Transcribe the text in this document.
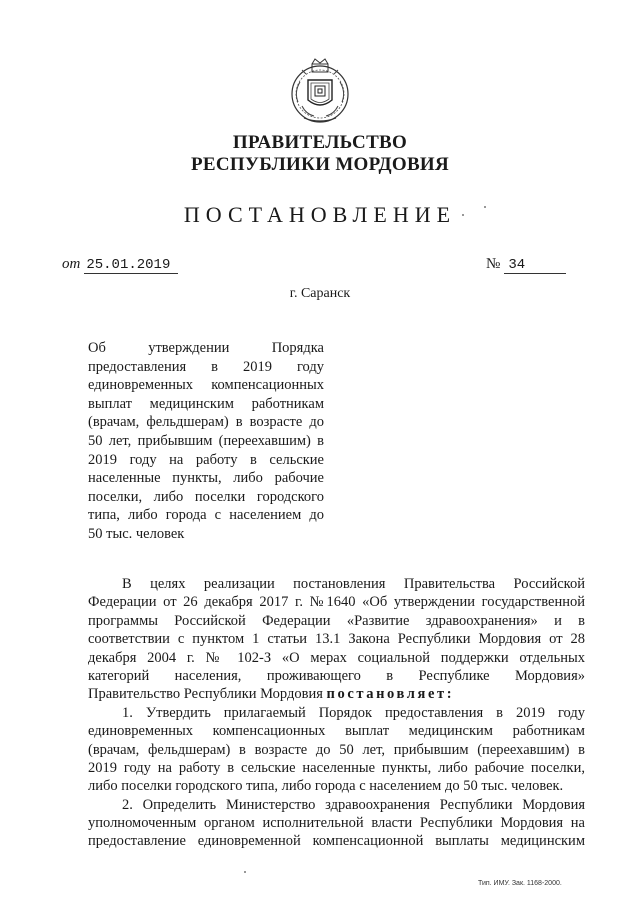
ПРАВИТЕЛЬСТВО
РЕСПУБЛИКИ МОРДОВИЯ
ПОСТАНОВЛЕНИЕ
от 25.01.2019	№ 34
г. Саранск
Об утверждении Порядка
предоставления в 2019 году
единовременных компенсационных
выплат медицинским работникам
(врачам, фельдшерам) в возрасте до
50 лет, прибывшим (переехавшим) в
2019 году на работу в сельские
населенные пункты, либо рабочие
поселки, либо поселки городского
типа, либо города с населением до
50 тыс. человек
В целях реализации постановления Правительства Российской
Федерации от 26 декабря 2017 г. №1640 «Об утверждении государственной
программы Российской Федерации «Развитие здравоохранения» и в
соответствии с пунктом 1 статьи 13.1 Закона Республики Мордовия от 28
декабря 2004 г. № 102-З «О мерах социальной поддержки отдельных
категорий населения, проживающего в Республике Мордовия»
Правительство Республики Мордовия постановляет:
1. Утвердить прилагаемый Порядок предоставления в 2019 году
единовременных компенсационных выплат медицинским работникам
(врачам, фельдшерам) в возрасте до 50 лет, прибывшим (переехавшим) в
2019 году на работу в сельские населенные пункты, либо рабочие поселки,
либо поселки городского типа, либо города с населением до 50 тыс. человек.
2. Определить Министерство здравоохранения Республики Мордовия
уполномоченным органом исполнительной власти Республики Мордовия на
предоставление единовременной компенсационной выплаты медицинским
Тип. ИМУ. Зак. 1168-2000.
